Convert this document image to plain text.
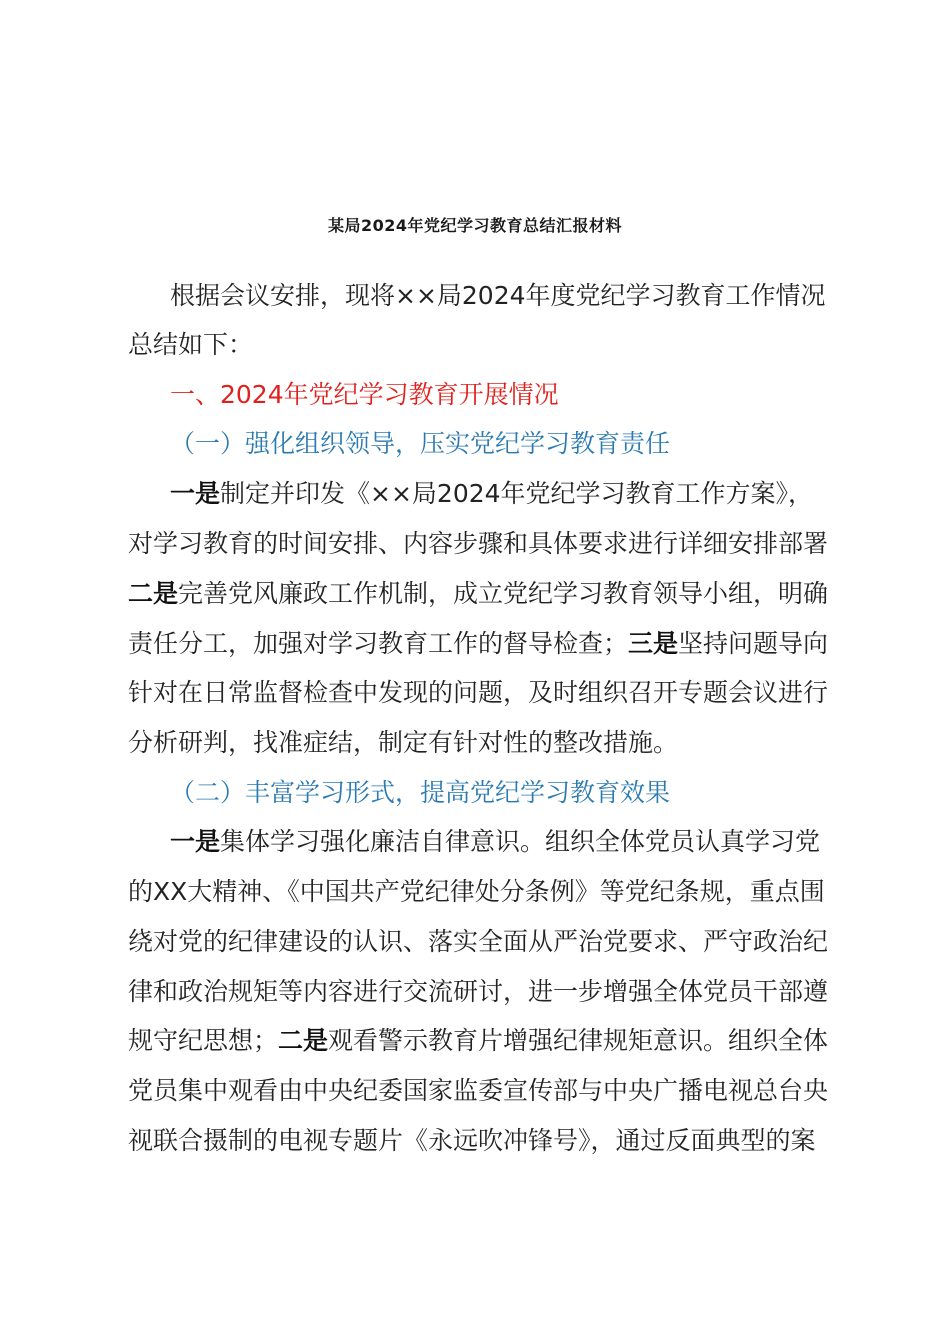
某局2024年党纪学习教育总结汇报材料
根据会议安排，现将××局2024年度党纪学习教育工作情况
总结如下：
一、2024年党纪学习教育开展情况
（一）强化组织领导，压实党纪学习教育责任
一是制定并印发《××局2024年党纪学习教育工作方案》，
对学习教育的时间安排、内容步骤和具体要求进行详细安排部署
二是完善党风廉政工作机制，成立党纪学习教育领导小组，明确
责任分工，加强对学习教育工作的督导检查；三是坚持问题导向
针对在日常监督检查中发现的问题，及时组织召开专题会议进行
分析研判，找准症结，制定有针对性的整改措施。
（二）丰富学习形式，提高党纪学习教育效果
一是集体学习强化廉洁自律意识。组织全体党员认真学习党
的XX大精神、《中国共产党纪律处分条例》等党纪条规，重点围
绕对党的纪律建设的认识、落实全面从严治党要求、严守政治纪
律和政治规矩等内容进行交流研讨，进一步增强全体党员干部遵
规守纪思想；二是观看警示教育片增强纪律规矩意识。组织全体
党员集中观看由中央纪委国家监委宣传部与中央广播电视总台央
视联合摄制的电视专题片《永远吹冲锋号》，通过反面典型的案
